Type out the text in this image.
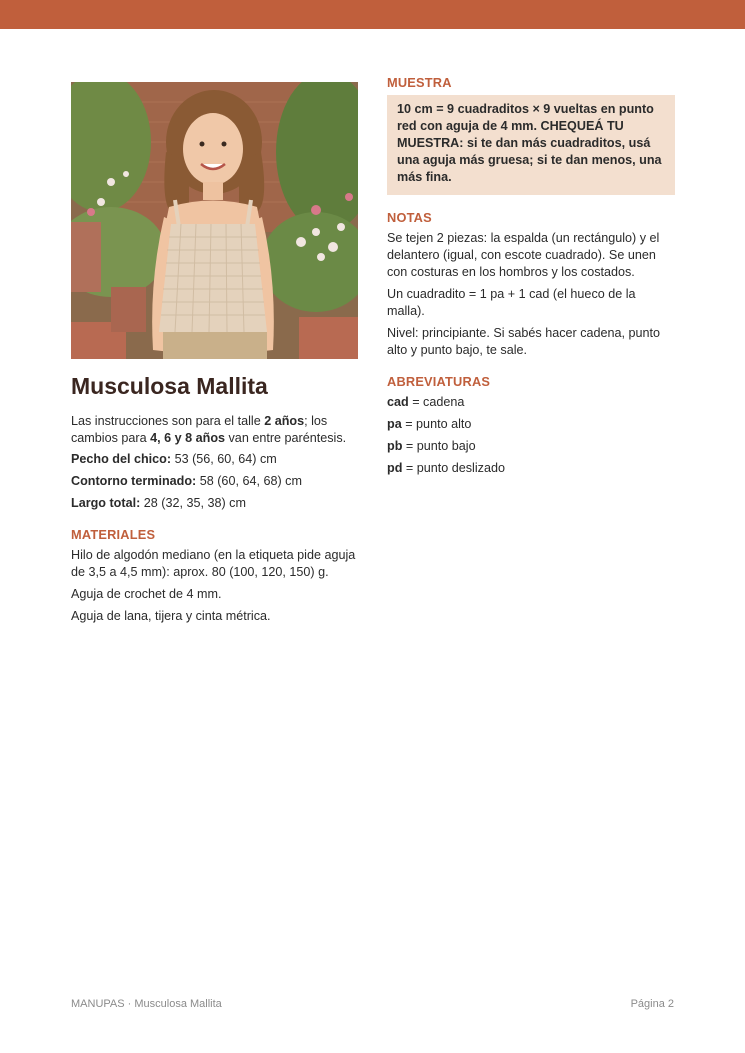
Musculosa Mallita

Las instrucciones son para el talle 2 años; los cambios para 4, 6 y 8 años van entre paréntesis.

Pecho del chico: 53 (56, 60, 64) cm

Contorno terminado: 58 (60, 64, 68) cm

Largo total: 28 (32, 35, 38) cm

MATERIALES

Hilo de algodón mediano (en la etiqueta pide aguja de 3,5 a 4,5 mm): aprox. 80 (100, 120, 150) g.

Aguja de crochet de 4 mm.

Aguja de lana, tijera y cinta métrica.

MUESTRA
10 cm = 9 cuadraditos × 9 vueltas en punto red con aguja de 4 mm. CHEQUEÁ TU MUESTRA: si te dan más cuadraditos, usá una aguja más gruesa; si te dan menos, una más fina.
NOTAS

Se tejen 2 piezas: la espalda (un rectángulo) y el delantero (igual, con escote cuadrado). Se unen con costuras en los hombros y los costados.

Un cuadradito = 1 pa + 1 cad (el hueco de la malla).

Nivel: principiante. Si sabés hacer cadena, punto alto y punto bajo, te sale.

ABREVIATURAS

cad = cadena

pa = punto alto

pb = punto bajo

pd = punto deslizado

MANUPAS · Musculosa Mallita	Página 2
